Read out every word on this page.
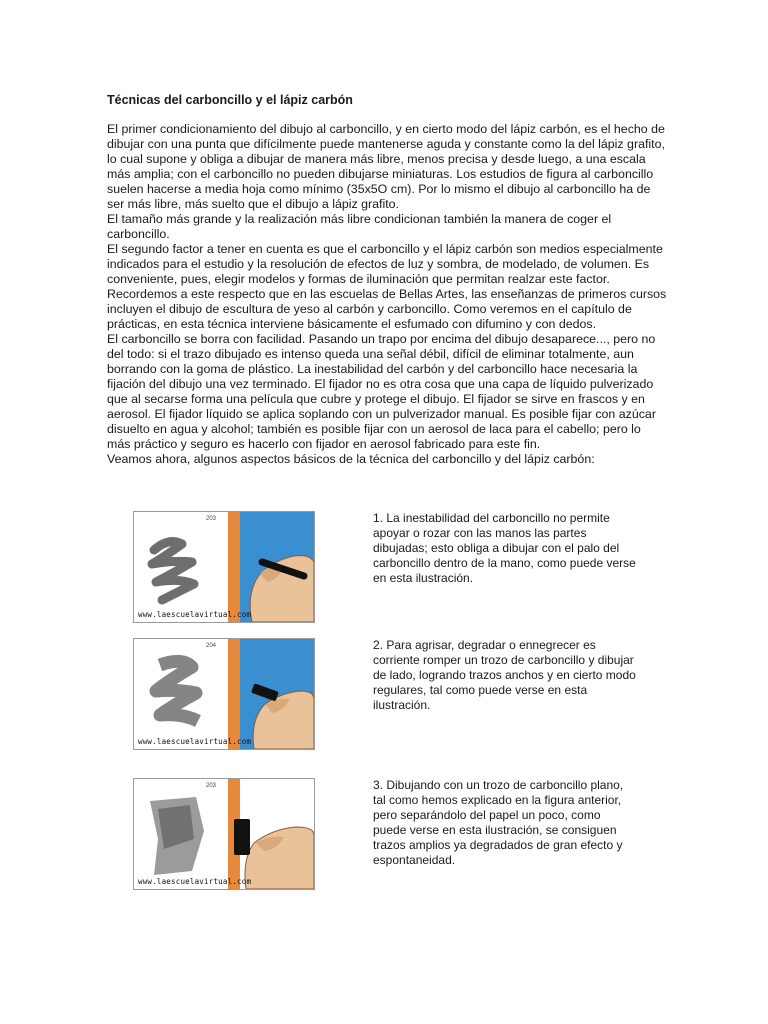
Técnicas del carboncillo y el lápiz carbón

El primer condicionamiento del dibujo al carboncillo, y en cierto modo del lápiz carbón, es el hecho de dibujar con una punta que difícilmente puede mantenerse aguda y constante como la del lápiz grafito, lo cual supone y obliga a dibujar de manera más libre, menos precisa y desde luego, a una escala más amplia; con el carboncillo no pueden dibujarse miniaturas. Los estudios de figura al carboncillo suelen hacerse a media hoja como mínimo (35x5O cm). Por lo mismo el dibujo al carboncillo ha de ser más libre, más suelto que el dibujo a lápiz grafito.

El tamaño más grande y la realización más libre condicionan también la manera de coger el carboncillo.

El segundo factor a tener en cuenta es que el carboncillo y el lápiz carbón son medios especialmente indicados para el estudio y la resolución de efectos de luz y sombra, de modelado, de volumen. Es conveniente, pues, elegir modelos y formas de iluminación que permitan realzar este factor. Recordemos a este respecto que en las escuelas de Bellas Artes, las enseñanzas de primeros cursos incluyen el dibujo de escultura de yeso al carbón y carboncillo. Como veremos en el capítulo de prácticas, en esta técnica interviene básicamente el esfumado con difumino y con dedos.

El carboncillo se borra con facilidad. Pasando un trapo por encima del dibujo desaparece..., pero no del todo: si el trazo dibujado es intenso queda una señal débil, difícil de eliminar totalmente, aun borrando con la goma de plástico. La inestabilidad del carbón y del carboncillo hace necesaria la fijación del dibujo una vez terminado. El fijador no es otra cosa que una capa de líquido pulverizado que al secarse forma una película que cubre y protege el dibujo. El fijador se sirve en frascos y en aerosol. El fijador líquido se aplica soplando con un pulverizador manual. Es posible fijar con azúcar disuelto en agua y alcohol; también es posible fijar con un aerosol de laca para el cabello; pero lo más práctico y seguro es hacerlo con fijador en aerosol fabricado para este fin.

Veamos ahora, algunos aspectos básicos de la técnica del carboncillo y del lápiz carbón:

203
www.laescuelavirtual.com

1. La inestabilidad del carboncillo no permite apoyar o rozar con las manos las partes dibujadas; esto obliga a dibujar con el palo del carboncillo dentro de la mano, como puede verse en esta ilustración.

204
www.laescuelavirtual.com

2. Para agrisar, degradar o ennegrecer es corriente romper un trozo de carboncillo y dibujar de lado, logrando trazos anchos y en cierto modo regulares, tal como puede verse en esta ilustración.

203
www.laescuelavirtual.com

3. Dibujando con un trozo de carboncillo plano, tal como hemos explicado en la figura anterior, pero separándolo del papel un poco, como puede verse en esta ilustración, se consiguen trazos amplios ya degradados de gran efecto y espontaneidad.
